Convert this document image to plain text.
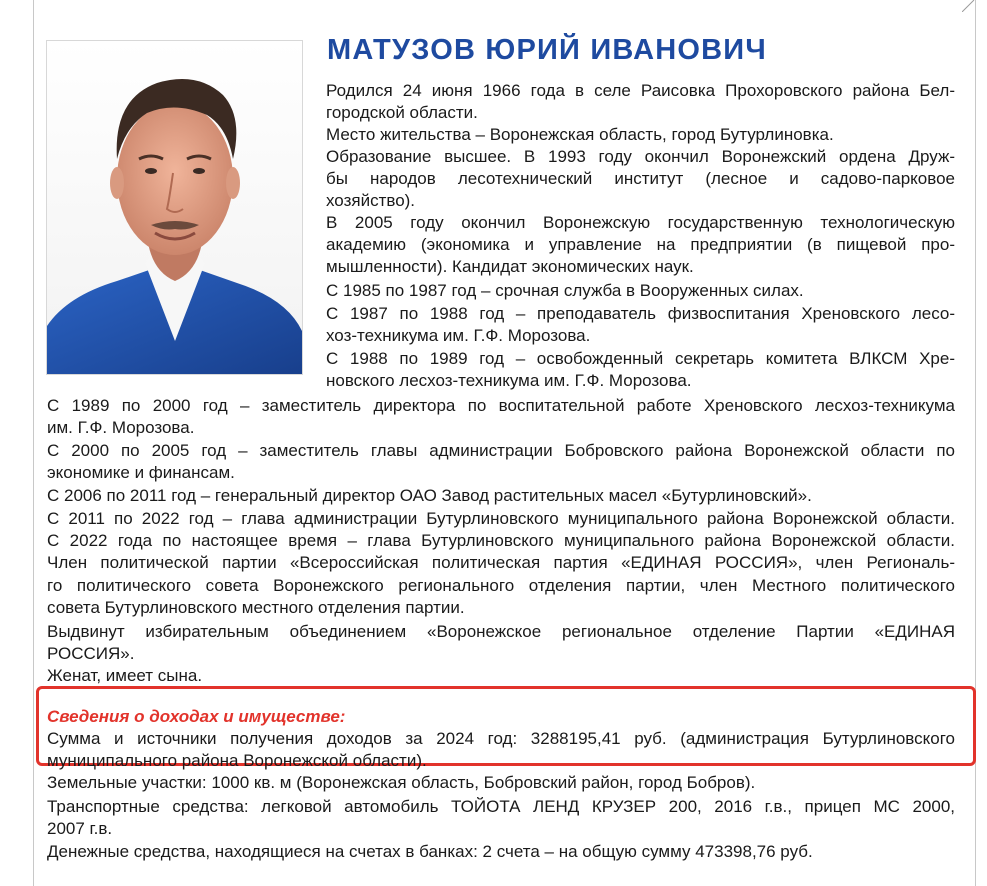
МАТУЗОВ ЮРИЙ ИВАНОВИЧ
Родился 24 июня 1966 года в селе Раисовка Прохоровского района Бел-
городской области.
Место жительства – Воронежская область, город Бутурлиновка.
Образование высшее. В 1993 году окончил Воронежский ордена Друж-
бы народов лесотехнический институт (лесное и садово-парковое
хозяйство).
В 2005 году окончил Воронежскую государственную технологическую
академию (экономика и управление на предприятии (в пищевой про-
мышленности). Кандидат экономических наук.
С 1985 по 1987 год – срочная служба в Вооруженных силах.
С 1987 по 1988 год – преподаватель физвоспитания Хреновского лесо-
хоз-техникума им. Г.Ф. Морозова.
С 1988 по 1989 год – освобожденный секретарь комитета ВЛКСМ Хре-
новского лесхоз-техникума им. Г.Ф. Морозова.
С 1989 по 2000 год – заместитель директора по воспитательной работе Хреновского лесхоз-техникума
им. Г.Ф. Морозова.
С 2000 по 2005 год – заместитель главы администрации Бобровского района Воронежской области по
экономике и финансам.
С 2006 по 2011 год – генеральный директор ОАО Завод растительных масел «Бутурлиновский».
С 2011 по 2022 год – глава администрации Бутурлиновского муниципального района Воронежской области.
С 2022 года по настоящее время – глава Бутурлиновского муниципального района Воронежской области.
Член политической партии «Всероссийская политическая партия «ЕДИНАЯ РОССИЯ», член Региональ-
го политического совета Воронежского регионального отделения партии, член Местного политического
совета Бутурлиновского местного отделения партии.
Выдвинут избирательным объединением «Воронежское региональное отделение Партии «ЕДИНАЯ
РОССИЯ».
Женат, имеет сына.
Сведения о доходах и имуществе:
Сумма и источники получения доходов за 2024 год: 3288195,41 руб. (администрация Бутурлиновского
муниципального района Воронежской области).
Земельные участки: 1000 кв. м (Воронежская область, Бобровский район, город Бобров).
Транспортные средства: легковой автомобиль ТОЙОТА ЛЕНД КРУЗЕР 200, 2016 г.в., прицеп МС 2000,
2007 г.в.
Денежные средства, находящиеся на счетах в банках: 2 счета – на общую сумму 473398,76 руб.
